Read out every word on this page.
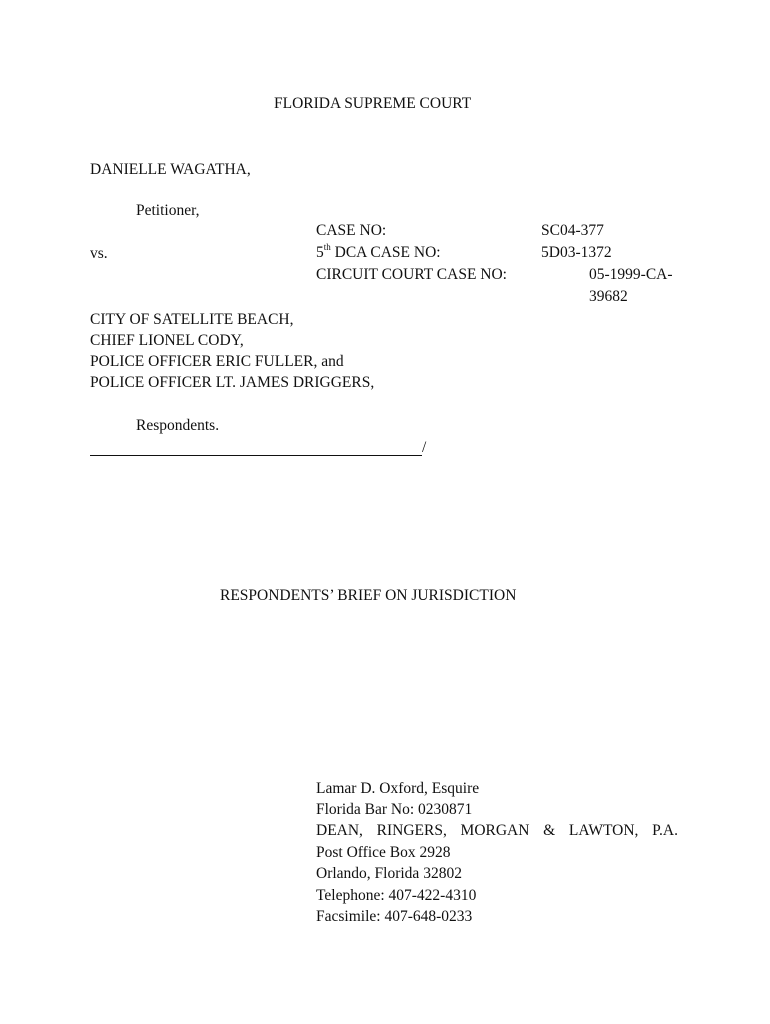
FLORIDA SUPREME COURT
DANIELLE WAGATHA,
Petitioner,
CASE NO:	SC04-377
vs.	5th DCA CASE NO:	5D03-1372
CIRCUIT COURT CASE NO:	05-1999-CA-
39682
CITY OF SATELLITE BEACH,
CHIEF LIONEL CODY,
POLICE OFFICER ERIC FULLER, and
POLICE OFFICER LT. JAMES DRIGGERS,
Respondents.
/
RESPONDENTS’ BRIEF ON JURISDICTION
Lamar D. Oxford, Esquire
Florida Bar No: 0230871
DEAN, RINGERS, MORGAN & LAWTON, P.A.
Post Office Box 2928
Orlando, Florida 32802
Telephone: 407-422-4310
Facsimile: 407-648-0233
